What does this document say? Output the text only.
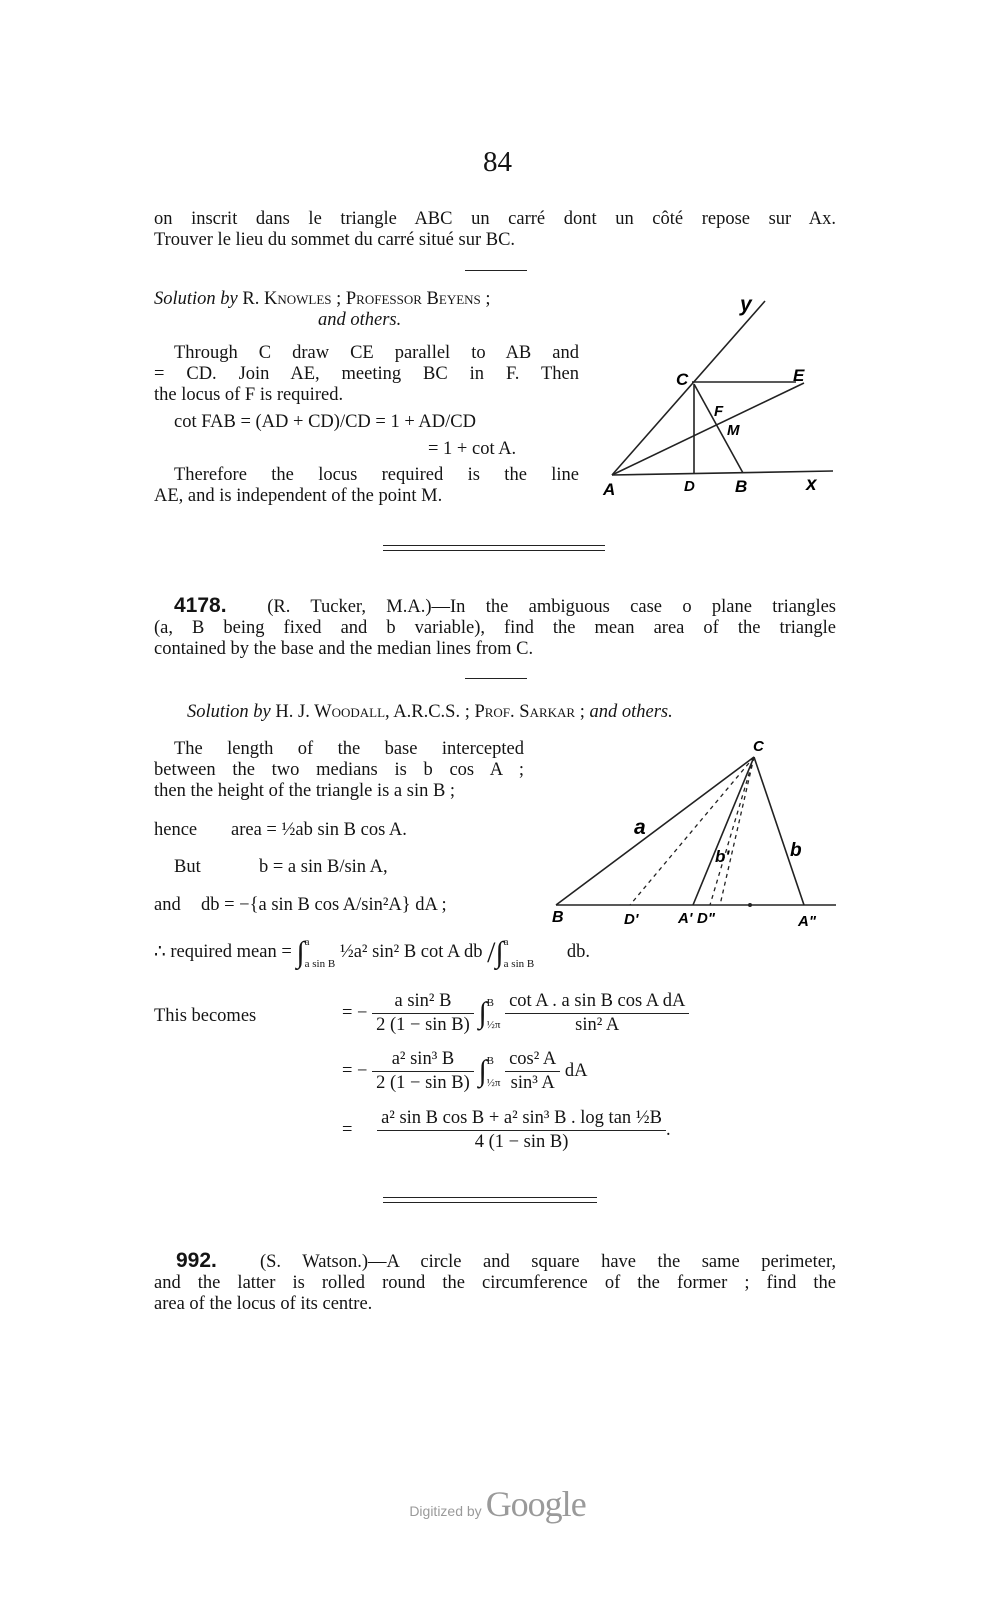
84
on inscrit dans le triangle ABC un carré dont un côté repose sur Ax.
Trouver le lieu du sommet du carré situé sur BC.
Solution by R. Knowles ; Professor Beyens ;
and others.
Through C draw CE parallel to AB and
= CD. Join AE, meeting BC in F. Then
the locus of F is required.
cot FAB = (AD + CD)/CD = 1 + AD/CD
= 1 + cot A.
Therefore the locus required is the line
AE, and is independent of the point M.
y
C	E
F
M
A	D B	x
4178. (R. Tucker, M.A.)—In the ambiguous case o plane triangles
(a, B being fixed and b variable), find the mean area of the triangle
contained by the base and the median lines from C.
Solution by H. J. Woodall, A.R.C.S. ; Prof. Sarkar ; and others.
The length of the base intercepted
between the two medians is b cos A ;
then the height of the triangle is a sin B ;
hence area = ½ab sin B cos A.
But	b = a sin B/sin A,
and db = −{a sin B cos A/sin²A} dA ;
C
a
b
b'
B	D'	A' D"	A"
∴ required mean = ∫ a
a sin B
½a² sin² B cot A db /∫ a
a sin B
db.
This becomes	= − $\frac{\text{a sin² B}}{\text{2 (1 − sin B)}}$ ∫ B
½π
$\frac{\text{cot A . a sin B cos A dA}}{\text{sin² A}}$
= − $\frac{\text{a² sin³ B}}{\text{2 (1 − sin B)}}$ ∫ B
½π
$\frac{\text{cos² A}}{\text{sin³ A}}$ dA
= $\frac{\text{a² sin B cos B + a² sin³ B . log tan ½B}}{\text{4 (1 − sin B)}}$ .
992. (S. Watson.)—A circle and square have the same perimeter,
and the latter is rolled round the circumference of the former ; find the
area of the locus of its centre.
Digitized by Google
